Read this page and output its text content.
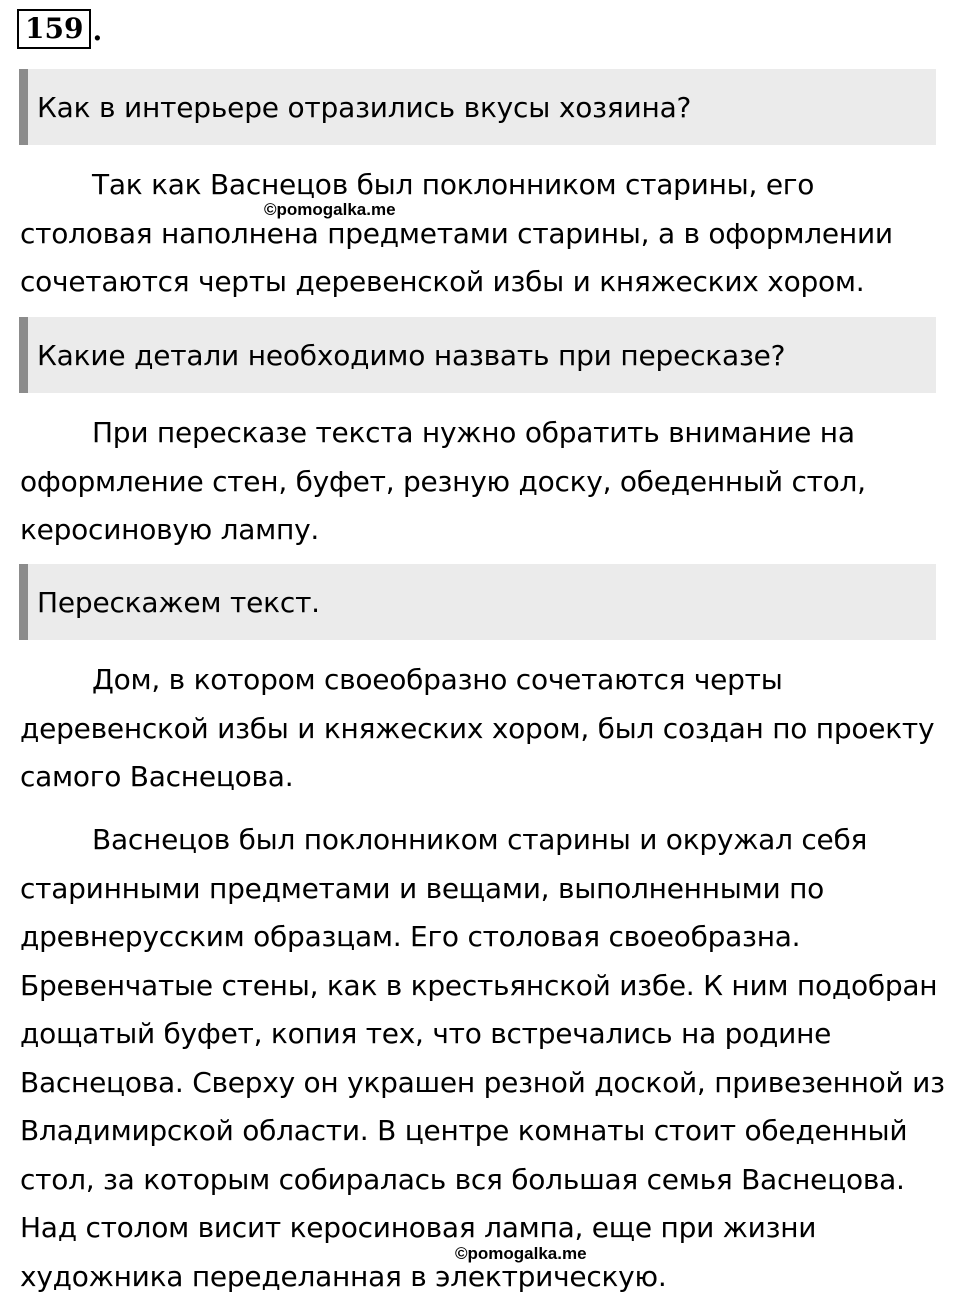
159 .
Как в интерьере отразились вкусы хозяина?

Так как Васнецов был поклонником старины, его столовая наполнена предметами старины, а в оформлении сочетаются черты деревенской избы и княжеских хором.

©pomogalka.me
Какие детали необходимо назвать при пересказе?

При пересказе текста нужно обратить внимание на оформление стен, буфет, резную доску, обеденный стол, керосиновую лампу.

Перескажем текст.

Дом, в котором своеобразно сочетаются черты деревенской избы и княжеских хором, был создан по проекту самого Васнецова.

Васнецов был поклонником старины и окружал себя старинными предметами и вещами, выполненными по древнерусским образцам. Его столовая своеобразна. Бревенчатые стены, как в крестьянской избе. К ним подобран дощатый буфет, копия тех, что встречались на родине Васнецова. Сверху он украшен резной доской, привезенной из Владимирской области. В центре комнаты стоит обеденный стол, за которым собиралась вся большая семья Васнецова. Над столом висит керосиновая лампа, еще при жизни художника переделанная в электрическую.

©pomogalka.me
